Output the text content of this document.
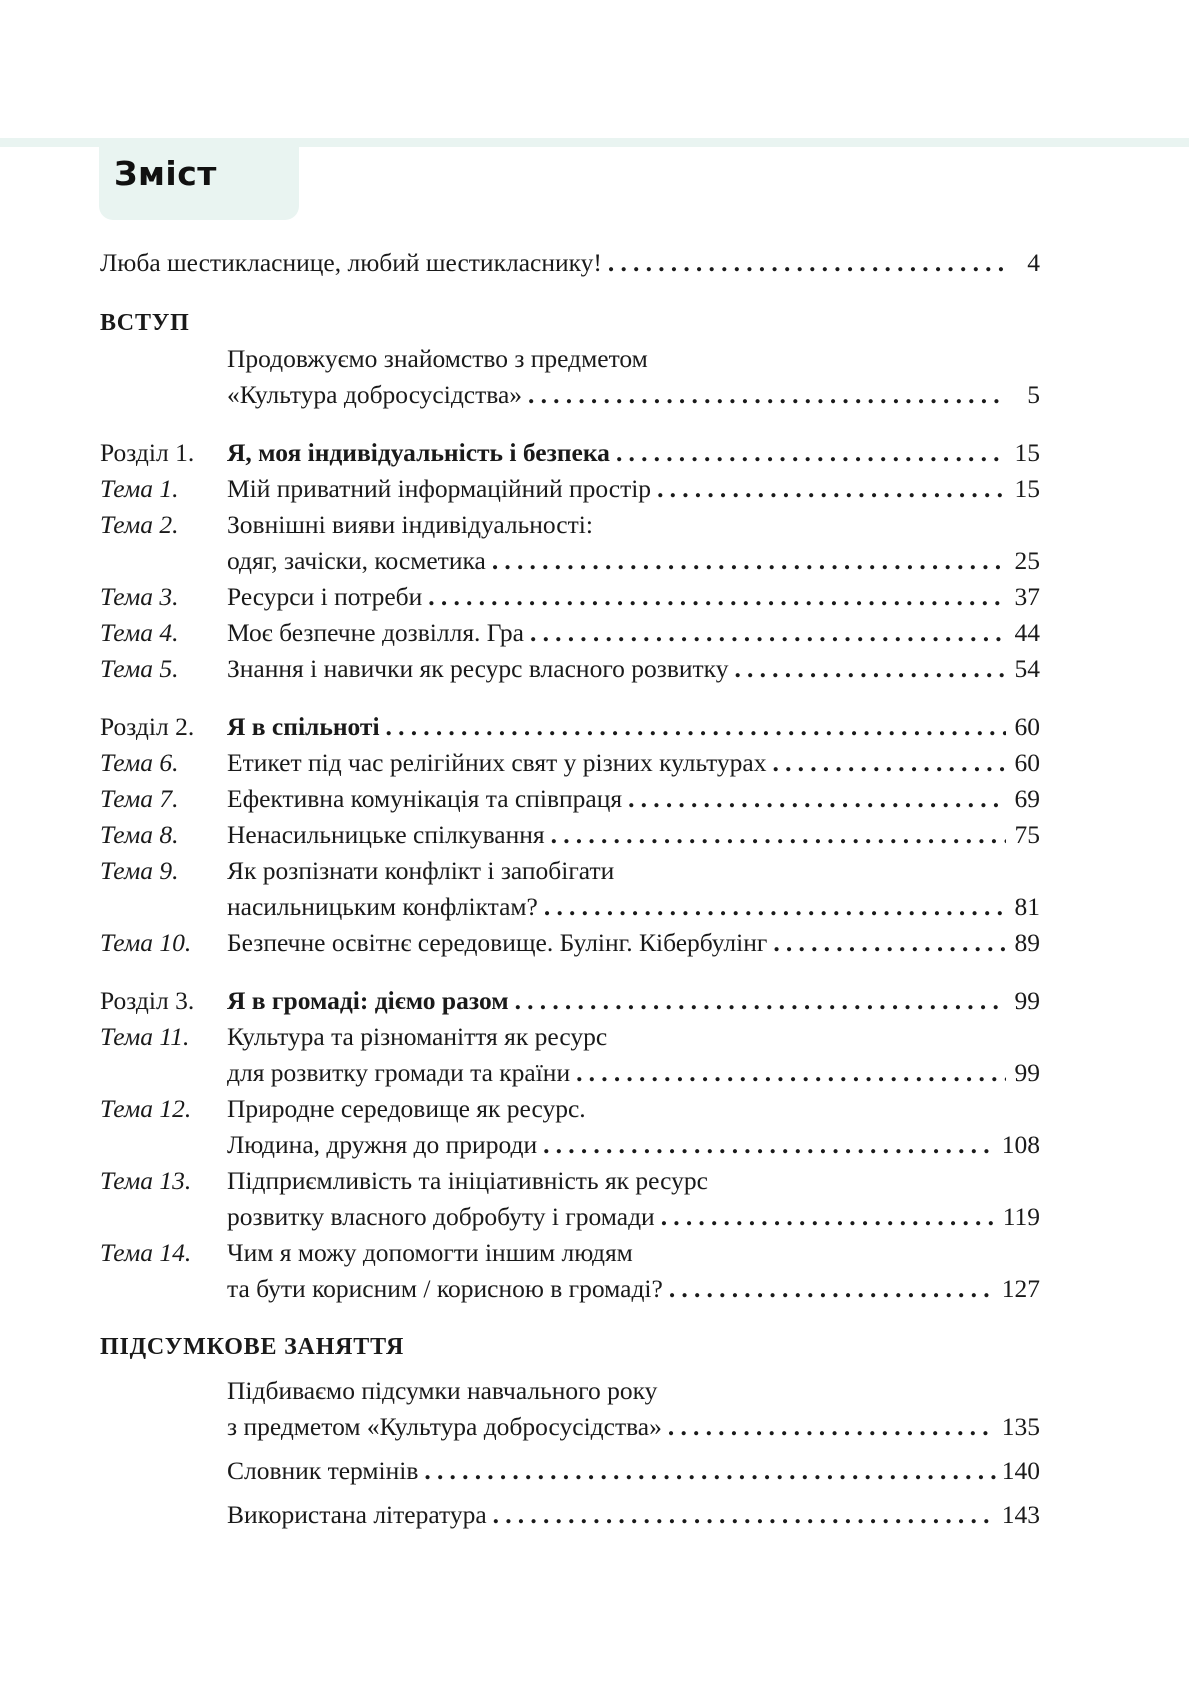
Зміст
Люба шестикласнице, любий шестикласнику! .....	4
ВСТУП
Продовжуємо знайомство з предметом
«Культура добросусідства» .....	5
Розділ 1.	Я, моя індивідуальність і безпека .....	15
Тема 1.	Мій приватний інформаційний простір .....	15
Тема 2.	Зовнішні вияви індивідуальності:
одяг, зачіски, косметика .....	25
Тема 3.	Ресурси і потреби .....	37
Тема 4.	Моє безпечне дозвілля. Гра .....	44
Тема 5.	Знання і навички як ресурс власного розвитку .....	54
Розділ 2.	Я в спільноті .....	60
Тема 6.	Етикет під час релігійних свят у різних культурах .....	60
Тема 7.	Ефективна комунікація та співпраця .....	69
Тема 8.	Ненасильницьке спілкування .....	75
Тема 9.	Як розпізнати конфлікт і запобігати
насильницьким конфліктам? .....	81
Тема 10.	Безпечне освітнє середовище. Булінг. Кібербулінг .....	89
Розділ 3.	Я в громаді: діємо разом .....	99
Тема 11.	Культура та різноманіття як ресурс
для розвитку громади та країни .....	99
Тема 12.	Природне середовище як ресурс.
Людина, дружня до природи .....	108
Тема 13.	Підприємливість та ініціативність як ресурс
розвитку власного добробуту і громади .....	119
Тема 14.	Чим я можу допомогти іншим людям
та бути корисним / корисною в громаді? .....	127
ПІДСУМКОВЕ ЗАНЯТТЯ
Підбиваємо підсумки навчального року
з предметом «Культура добросусідства» .....	135
Словник термінів .....	140
Використана література .....	143
